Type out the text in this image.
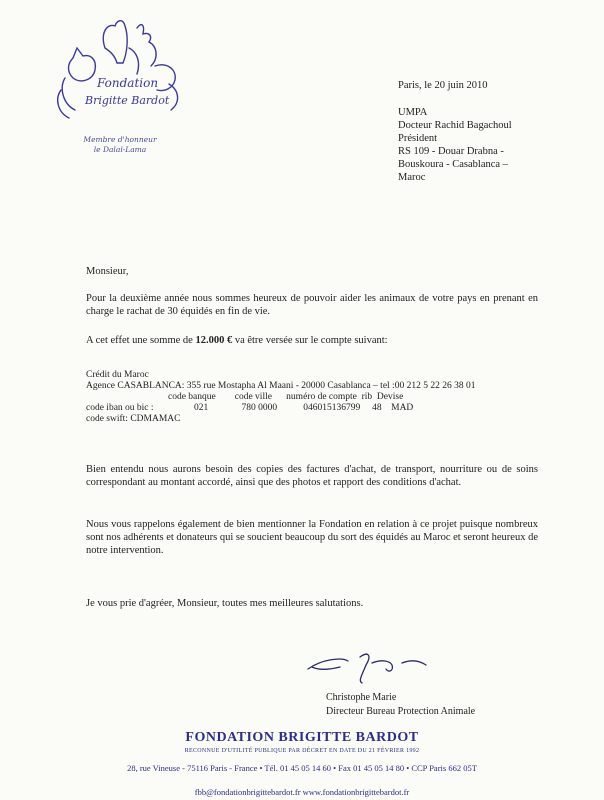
Fondation
Brigitte Bardot
Membre d'honneur
le Dalaï-Lama
Paris, le 20 juin 2010
UMPA
Docteur Rachid Bagachoul
Président
RS 109 - Douar Drabna -
Bouskoura - Casablanca –
Maroc
Monsieur,
Pour la deuxième année nous sommes heureux de pouvoir aider les animaux de votre pays en prenant en charge le rachat de 30 équidés en fin de vie.
A cet effet une somme de 12.000 € va être versée sur le compte suivant:
Crédit du Maroc
Agence CASABLANCA: 355 rue Mostapha Al Maani - 20000 Casablanca – tel :00 212 5 22 26 38 01
code banque        code ville      numéro de compte  rib  Devise
code iban ou bic :	021              780 0000           046015136799     48    MAD
code swift: CDMAMAC
Bien entendu nous aurons besoin des copies des factures d'achat, de transport, nourriture ou de soins correspondant au montant accordé, ainsi que des photos et rapport des conditions d'achat.
Nous vous rappelons également de bien mentionner la Fondation en relation à ce projet puisque nombreux sont nos adhérents et donateurs qui se soucient beaucoup du sort des équidés au Maroc et seront heureux de notre intervention.
Je vous prie d'agréer, Monsieur, toutes mes meilleures salutations.
Christophe Marie
Directeur Bureau Protection Animale
FONDATION BRIGITTE BARDOT
RECONNUE D'UTILITÉ PUBLIQUE PAR DÉCRET EN DATE DU 21 FÉVRIER 1992
28, rue Vineuse - 75116 Paris - France • Tél. 01 45 05 14 60 • Fax 01 45 05 14 80 • CCP Paris 662 05T
fbb@fondationbrigittebardot.fr www.fondationbrigittebardot.fr
